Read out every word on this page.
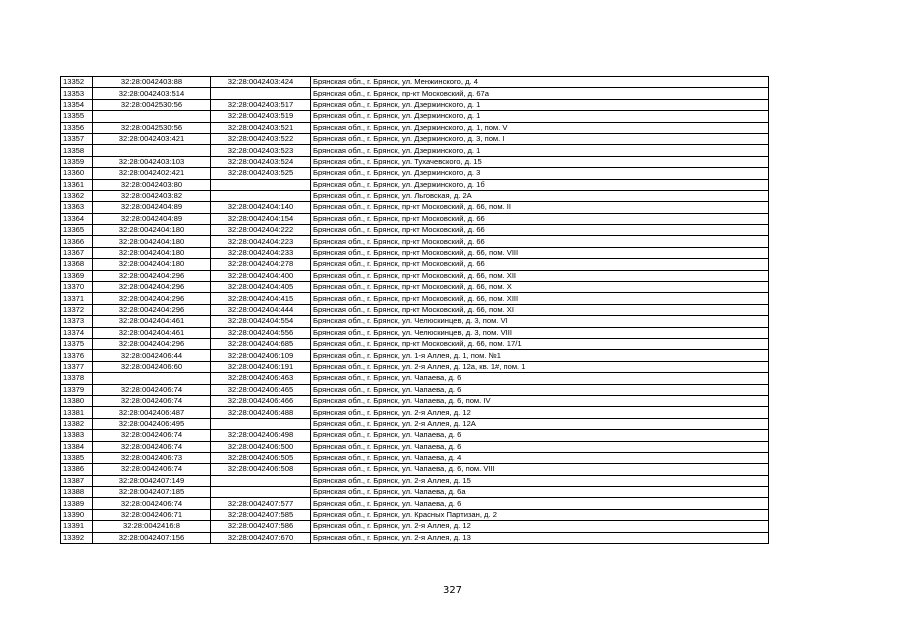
13352	32:28:0042403:88	32:28:0042403:424	Брянская обл., г. Брянск, ул. Менжинского, д. 4
13353	32:28:0042403:514		Брянская обл., г. Брянск, пр-кт Московский, д. 67а
13354	32:28:0042530:56	32:28:0042403:517	Брянская обл., г. Брянск, ул. Дзержинского, д. 1
13355		32:28:0042403:519	Брянская обл., г. Брянск, ул. Дзержинского, д. 1
13356	32:28:0042530:56	32:28:0042403:521	Брянская обл., г. Брянск, ул. Дзержинского, д. 1, пом. V
13357	32:28:0042403:421	32:28:0042403:522	Брянская обл., г. Брянск, ул. Дзержинского, д. 3, пом. I
13358		32:28:0042403:523	Брянская обл., г. Брянск, ул. Дзержинского, д. 1
13359	32:28:0042403:103	32:28:0042403:524	Брянская обл., г. Брянск, ул. Тухачевского, д. 15
13360	32:28:0042402:421	32:28:0042403:525	Брянская обл., г. Брянск, ул. Дзержинского, д. 3
13361	32:28:0042403:80		Брянская обл., г. Брянск, ул. Дзержинского, д. 1б
13362	32:28:0042403:82		Брянская обл., г. Брянск, ул. Льговская, д. 2А
13363	32:28:0042404:89	32:28:0042404:140	Брянская обл., г. Брянск, пр-кт Московский, д. 66, пом. II
13364	32:28:0042404:89	32:28:0042404:154	Брянская обл., г. Брянск, пр-кт Московский, д. 66
13365	32:28:0042404:180	32:28:0042404:222	Брянская обл., г. Брянск, пр-кт Московский, д. 66
13366	32:28:0042404:180	32:28:0042404:223	Брянская обл., г. Брянск, пр-кт Московский, д. 66
13367	32:28:0042404:180	32:28:0042404:233	Брянская обл., г. Брянск, пр-кт Московский, д. 66, пом. VIII
13368	32:28:0042404:180	32:28:0042404:278	Брянская обл., г. Брянск, пр-кт Московский, д. 66
13369	32:28:0042404:296	32:28:0042404:400	Брянская обл., г. Брянск, пр-кт Московский, д. 66, пом. XII
13370	32:28:0042404:296	32:28:0042404:405	Брянская обл., г. Брянск, пр-кт Московский, д. 66, пом. X
13371	32:28:0042404:296	32:28:0042404:415	Брянская обл., г. Брянск, пр-кт Московский, д. 66, пом. XIII
13372	32:28:0042404:296	32:28:0042404:444	Брянская обл., г. Брянск, пр-кт Московский, д. 66, пом. XI
13373	32:28:0042404:461	32:28:0042404:554	Брянская обл., г. Брянск, ул. Челюскинцев, д. 3, пом. VI
13374	32:28:0042404:461	32:28:0042404:556	Брянская обл., г. Брянск, ул. Челюскинцев, д. 3, пом. VIII
13375	32:28:0042404:296	32:28:0042404:685	Брянская обл., г. Брянск, пр-кт Московский, д. 66, пом. 17/1
13376	32:28:0042406:44	32:28:0042406:109	Брянская обл., г. Брянск, ул. 1-я Аллея, д. 1, пом. №1
13377	32:28:0042406:60	32:28:0042406:191	Брянская обл., г. Брянск, ул. 2-я Аллея, д. 12а, кв. 1#, пом. 1
13378		32:28:0042406:463	Брянская обл., г. Брянск, ул. Чапаева, д. 6
13379	32:28:0042406:74	32:28:0042406:465	Брянская обл., г. Брянск, ул. Чапаева, д. 6
13380	32:28:0042406:74	32:28:0042406:466	Брянская обл., г. Брянск, ул. Чапаева, д. 6, пом. IV
13381	32:28:0042406:487	32:28:0042406:488	Брянская обл., г. Брянск, ул. 2-я Аллея, д. 12
13382	32:28:0042406:495		Брянская обл., г. Брянск, ул. 2-я Аллея, д. 12А
13383	32:28:0042406:74	32:28:0042406:498	Брянская обл., г. Брянск, ул. Чапаева, д. 6
13384	32:28:0042406:74	32:28:0042406:500	Брянская обл., г. Брянск, ул. Чапаева, д. 6
13385	32:28:0042406:73	32:28:0042406:505	Брянская обл., г. Брянск, ул. Чапаева, д. 4
13386	32:28:0042406:74	32:28:0042406:508	Брянская обл., г. Брянск, ул. Чапаева, д. 6, пом. VIII
13387	32:28:0042407:149		Брянская обл., г. Брянск, ул. 2-я Аллея, д. 15
13388	32:28:0042407:185		Брянская обл., г. Брянск, ул. Чапаева, д. 6а
13389	32:28:0042406:74	32:28:0042407:577	Брянская обл., г. Брянск, ул. Чапаева, д. 6
13390	32:28:0042406:71	32:28:0042407:585	Брянская обл., г. Брянск, ул. Красных Партизан, д. 2
13391	32:28:0042416:8	32:28:0042407:586	Брянская обл., г. Брянск, ул. 2-я Аллея, д. 12
13392	32:28:0042407:156	32:28:0042407:670	Брянская обл., г. Брянск, ул. 2-я Аллея, д. 13
327
